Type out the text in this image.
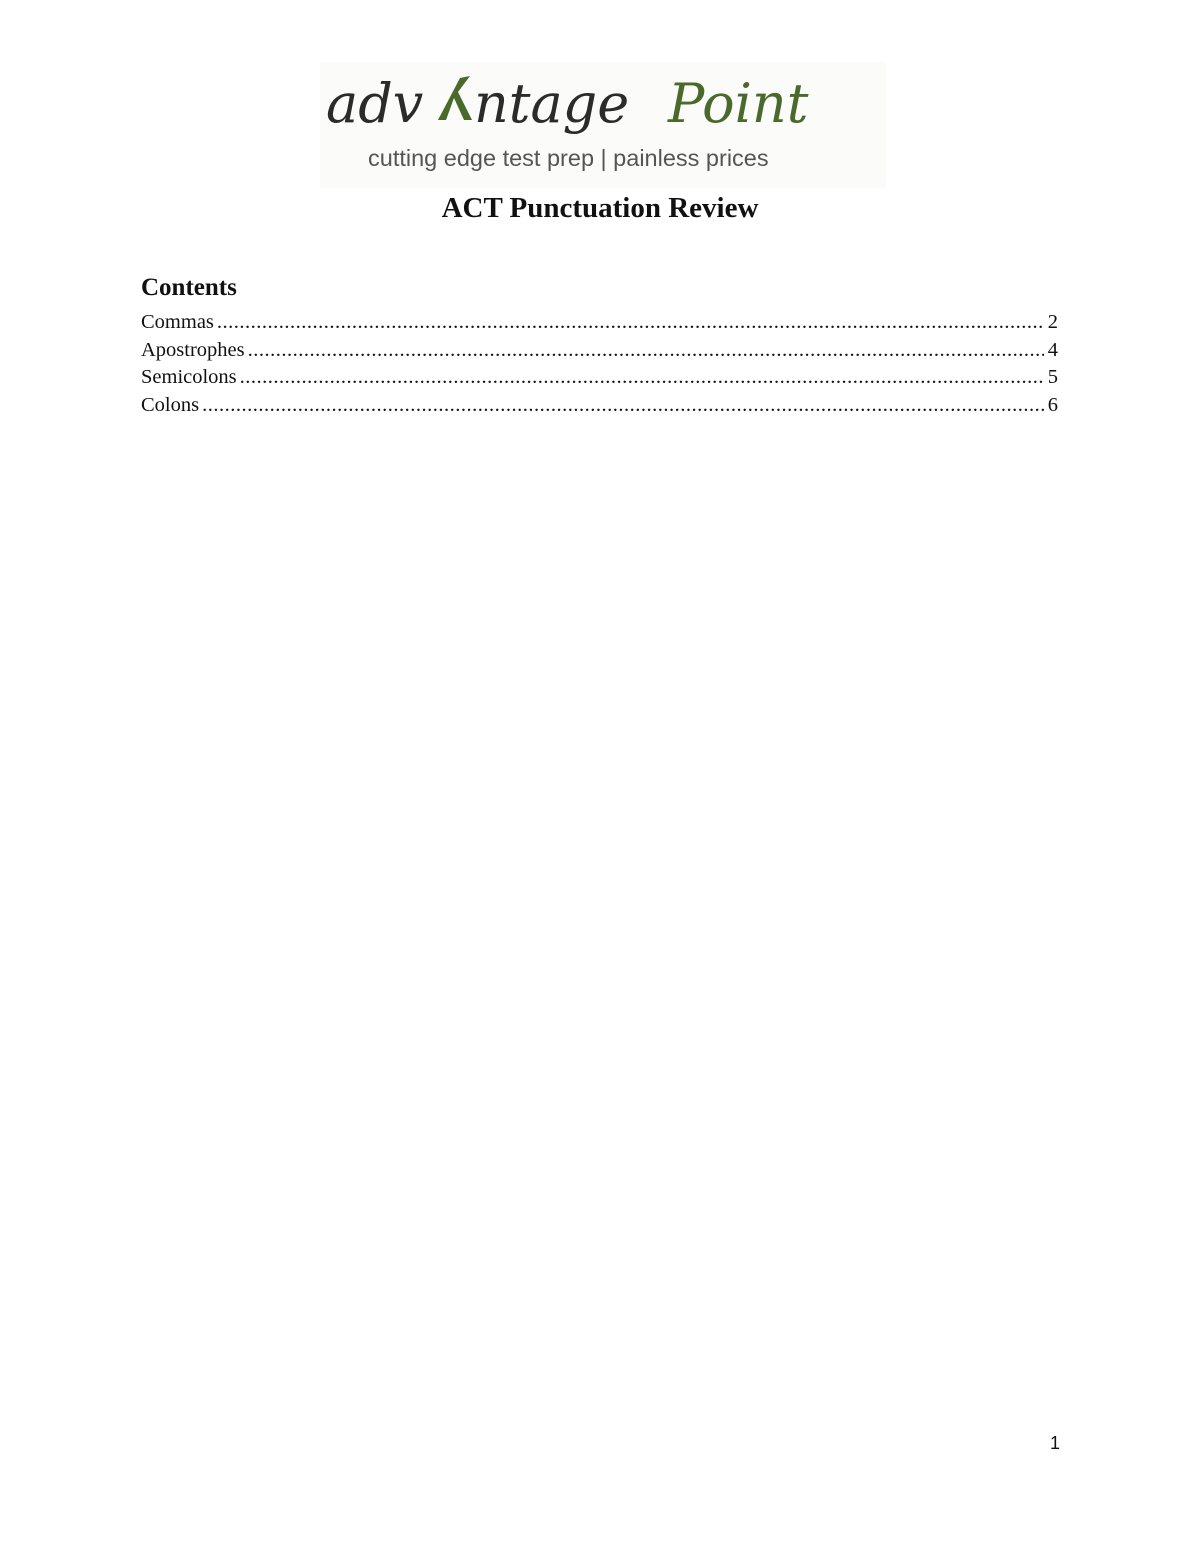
adv ntage Point
cutting edge test prep | painless prices
ACT Punctuation Review
Contents
Commas .....	2
Apostrophes .....	4
Semicolons .....	5
Colons .....	6
1
